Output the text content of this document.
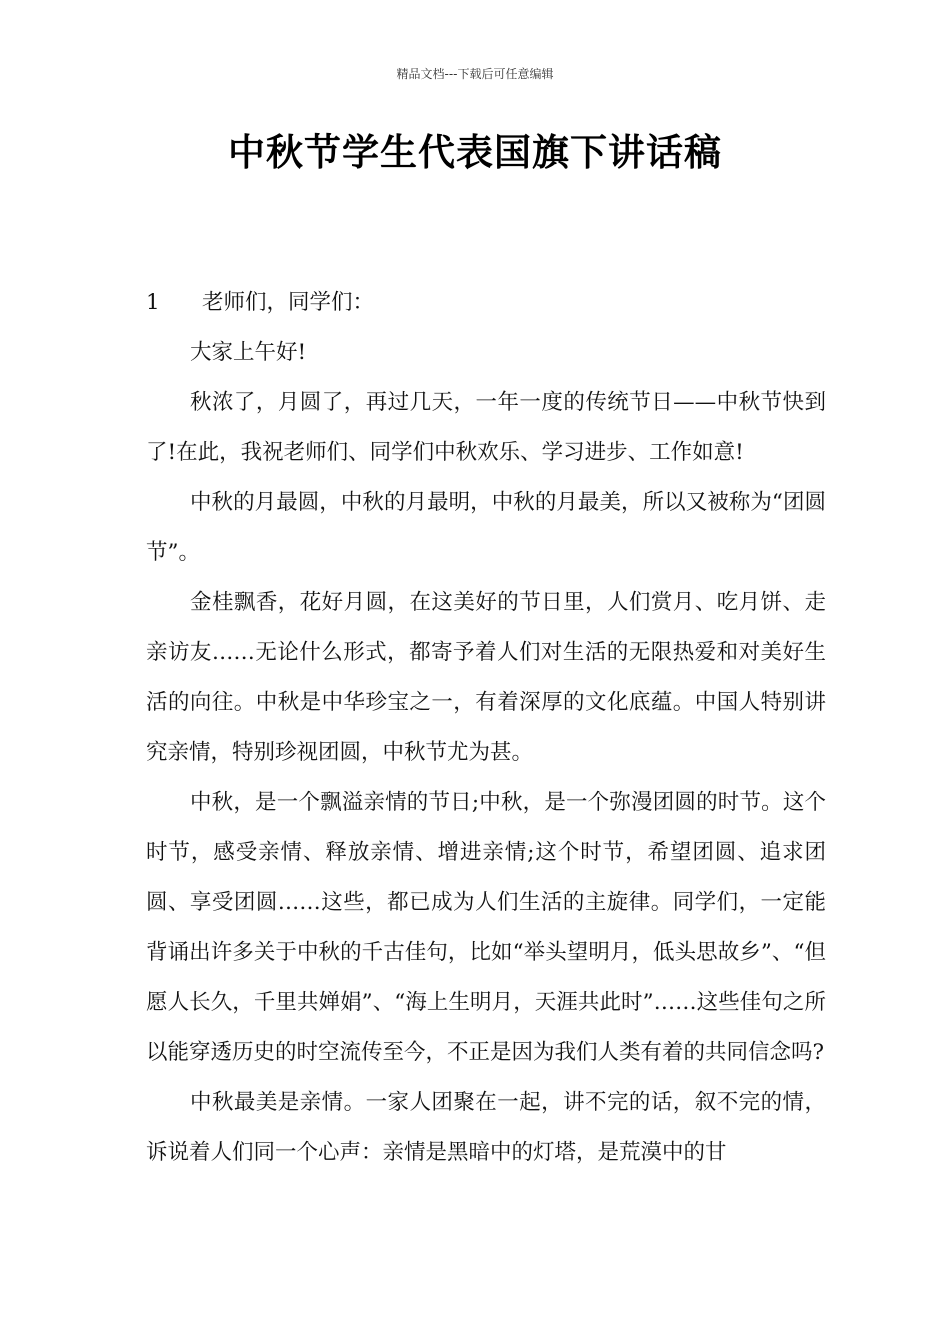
精品文档---下载后可任意编辑
中秋节学生代表国旗下讲话稿

1 老师们，同学们：

大家上午好!

秋浓了，月圆了，再过几天，一年一度的传统节日——中秋节快到了!在此，我祝老师们、同学们中秋欢乐、学习进步、工作如意!

中秋的月最圆，中秋的月最明，中秋的月最美，所以又被称为“团圆节”。

金桂飘香，花好月圆，在这美好的节日里，人们赏月、吃月饼、走亲访友……无论什么形式，都寄予着人们对生活的无限热爱和对美好生活的向往。中秋是中华珍宝之一，有着深厚的文化底蕴。中国人特别讲究亲情，特别珍视团圆，中秋节尤为甚。

中秋，是一个飘溢亲情的节日;中秋，是一个弥漫团圆的时节。这个时节，感受亲情、释放亲情、增进亲情;这个时节，希望团圆、追求团圆、享受团圆……这些，都已成为人们生活的主旋律。同学们，一定能背诵出许多关于中秋的千古佳句，比如“举头望明月，低头思故乡”、“但愿人长久，千里共婵娟”、“海上生明月，天涯共此时”……这些佳句之所以能穿透历史的时空流传至今，不正是因为我们人类有着的共同信念吗?

中秋最美是亲情。一家人团聚在一起，讲不完的话，叙不完的情，诉说着人们同一个心声：亲情是黑暗中的灯塔，是荒漠中的甘
